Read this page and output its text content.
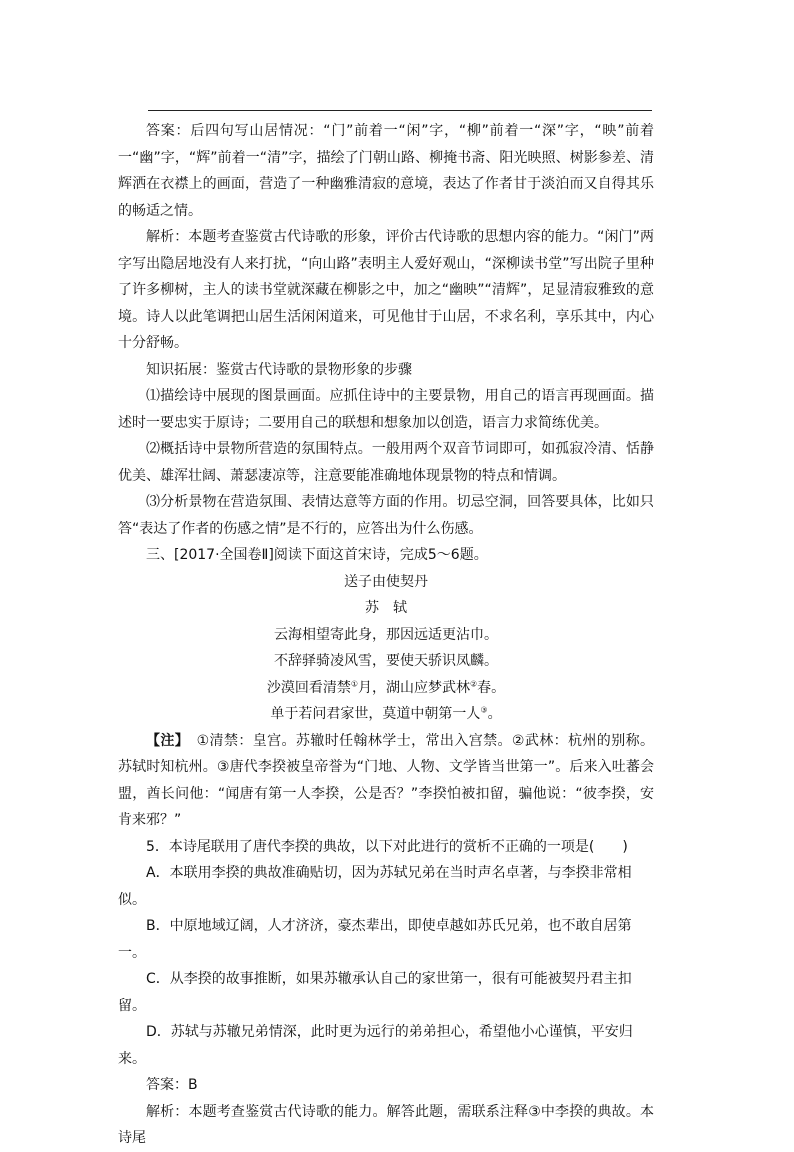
答案：后四句写山居情况：“门”前着一“闲”字，“柳”前着一“深”字，“映”前着一“幽”字，“辉”前着一“清”字，描绘了门朝山路、柳掩书斋、阳光映照、树影参差、清辉洒在衣襟上的画面，营造了一种幽雅清寂的意境，表达了作者甘于淡泊而又自得其乐的畅适之情。

解析：本题考查鉴赏古代诗歌的形象，评价古代诗歌的思想内容的能力。“闲门”两字写出隐居地没有人来打扰，“向山路”表明主人爱好观山，“深柳读书堂”写出院子里种了许多柳树，主人的读书堂就深藏在柳影之中，加之“幽映”“清辉”，足显清寂雅致的意境。诗人以此笔调把山居生活闲闲道来，可见他甘于山居，不求名利，享乐其中，内心十分舒畅。

知识拓展：鉴赏古代诗歌的景物形象的步骤

⑴描绘诗中展现的图景画面。应抓住诗中的主要景物，用自己的语言再现画面。描述时一要忠实于原诗；二要用自己的联想和想象加以创造，语言力求简练优美。

⑵概括诗中景物所营造的氛围特点。一般用两个双音节词即可，如孤寂冷清、恬静优美、雄浑壮阔、萧瑟凄凉等，注意要能准确地体现景物的特点和情调。

⑶分析景物在营造氛围、表情达意等方面的作用。切忌空洞，回答要具体，比如只答“表达了作者的伤感之情”是不行的，应答出为什么伤感。

三、[2017·全国卷Ⅱ]阅读下面这首宋诗，完成5～6题。

送子由使契丹

苏　轼

云海相望寄此身，那因远适更沾巾。

不辞驿骑凌风雪，要使天骄识凤麟。

沙漠回看清禁①月，湖山应梦武林②春。

单于若问君家世，莫道中朝第一人③。

【注】　①清禁：皇宫。苏辙时任翰林学士，常出入宫禁。②武林：杭州的别称。苏轼时知杭州。③唐代李揆被皇帝誉为“门地、人物、文学皆当世第一”。后来入吐蕃会盟，酋长问他：“闻唐有第一人李揆，公是否？”李揆怕被扣留，骗他说：“彼李揆，安肯来邪？”

5．本诗尾联用了唐代李揆的典故，以下对此进行的赏析不正确的一项是(　　)

A．本联用李揆的典故准确贴切，因为苏轼兄弟在当时声名卓著，与李揆非常相似。

B．中原地域辽阔，人才济济，豪杰辈出，即使卓越如苏氏兄弟，也不敢自居第一。

C．从李揆的故事推断，如果苏辙承认自己的家世第一，很有可能被契丹君主扣留。

D．苏轼与苏辙兄弟情深，此时更为远行的弟弟担心，希望他小心谨慎，平安归来。

答案：B

解析：本题考查鉴赏古代诗歌的能力。解答此题，需联系注释③中李揆的典故。本诗尾
